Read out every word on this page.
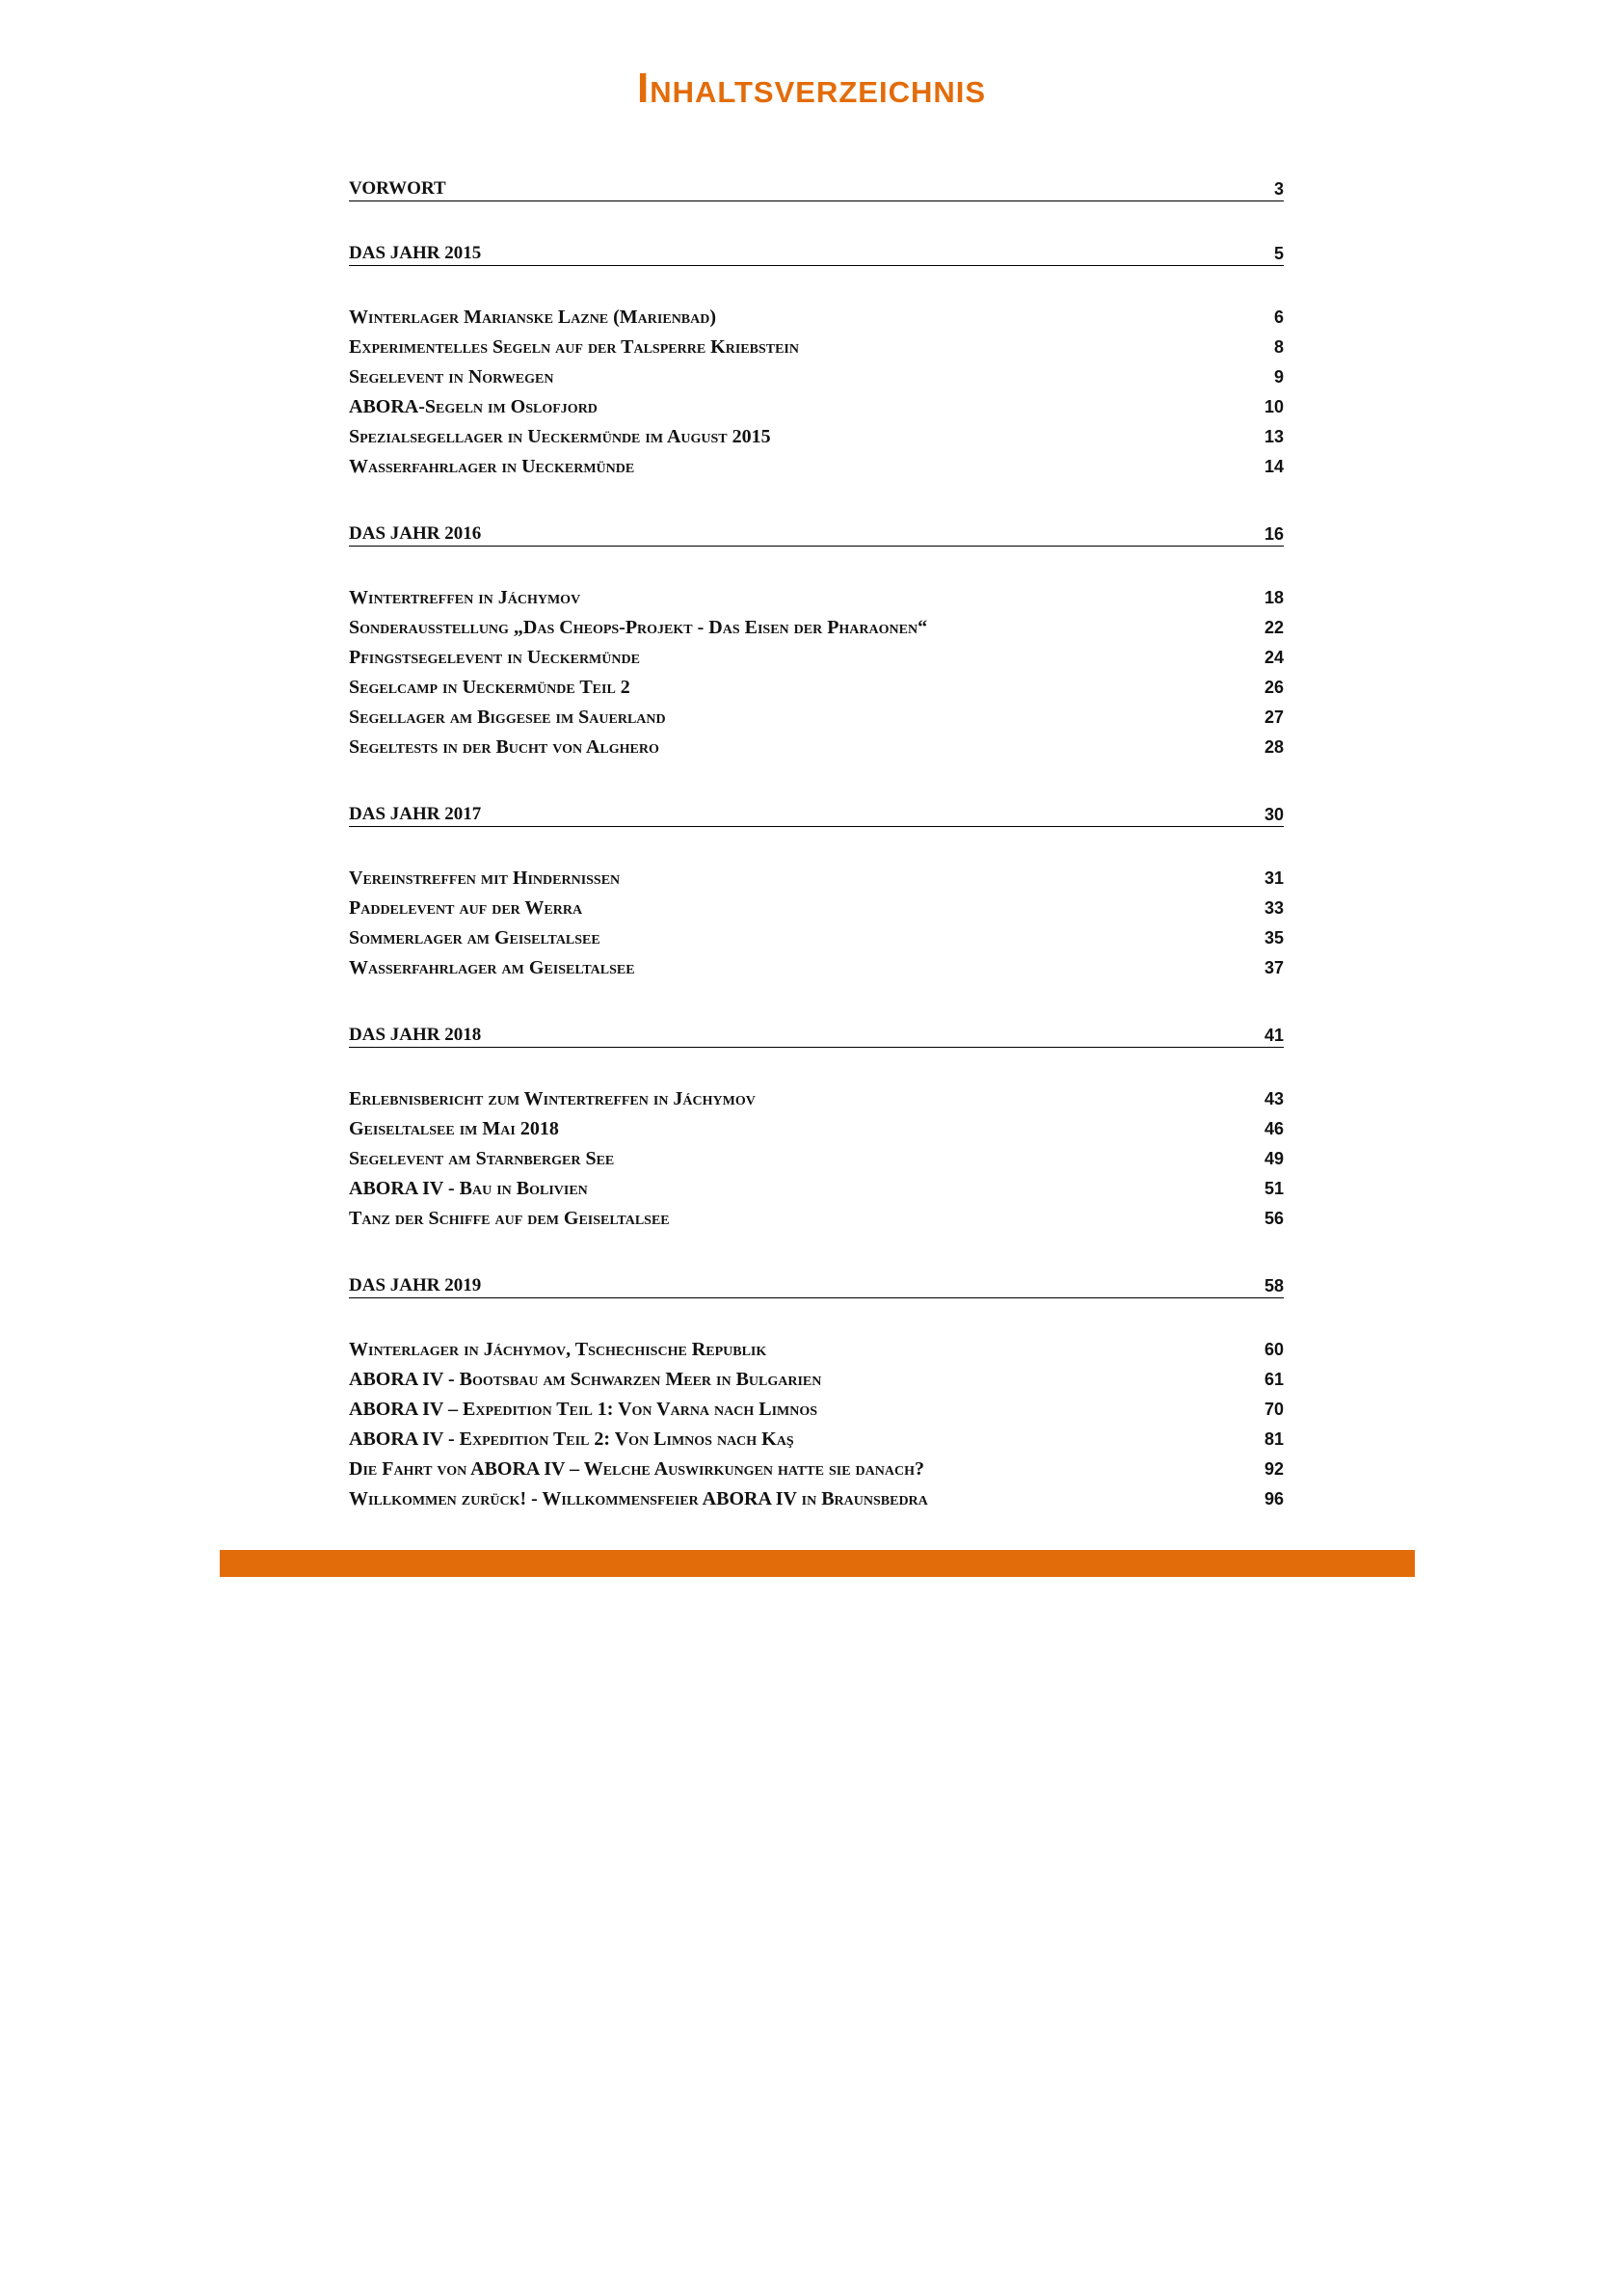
Inhaltsverzeichnis
VORWORT	3
DAS JAHR 2015	5
Winterlager Marianske Lazne (Marienbad)	6
Experimentelles Segeln auf der Talsperre Kriebstein	8
Segelevent in Norwegen	9
ABORA-Segeln im Oslofjord	10
Spezialsegellager in Ueckermünde im August 2015	13
Wasserfahrlager in Ueckermünde	14
DAS JAHR 2016	16
Wintertreffen in Jáchymov	18
Sonderausstellung „Das Cheops-Projekt - Das Eisen der Pharaonen“	22
Pfingstsegelevent in Ueckermünde	24
Segelcamp in Ueckermünde Teil 2	26
Segellager am Biggesee im Sauerland	27
Segeltests in der Bucht von Alghero	28
DAS JAHR 2017	30
Vereinstreffen mit Hindernissen	31
Paddelevent auf der Werra	33
Sommerlager am Geiseltalsee	35
Wasserfahrlager am Geiseltalsee	37
DAS JAHR 2018	41
Erlebnisbericht zum Wintertreffen in Jáchymov	43
Geiseltalsee im Mai 2018	46
Segelevent am Starnberger See	49
ABORA IV - Bau in Bolivien	51
Tanz der Schiffe auf dem Geiseltalsee	56
DAS JAHR 2019	58
Winterlager in Jáchymov, Tschechische Republik	60
ABORA IV - Bootsbau am Schwarzen Meer in Bulgarien	61
ABORA IV – Expedition Teil 1: Von Varna nach Limnos	70
ABORA IV - Expedition Teil 2: Von Limnos nach Kaş	81
Die Fahrt von ABORA IV – Welche Auswirkungen hatte sie danach?	92
Willkommen zurück! - Willkommensfeier ABORA IV in Braunsbedra	96
